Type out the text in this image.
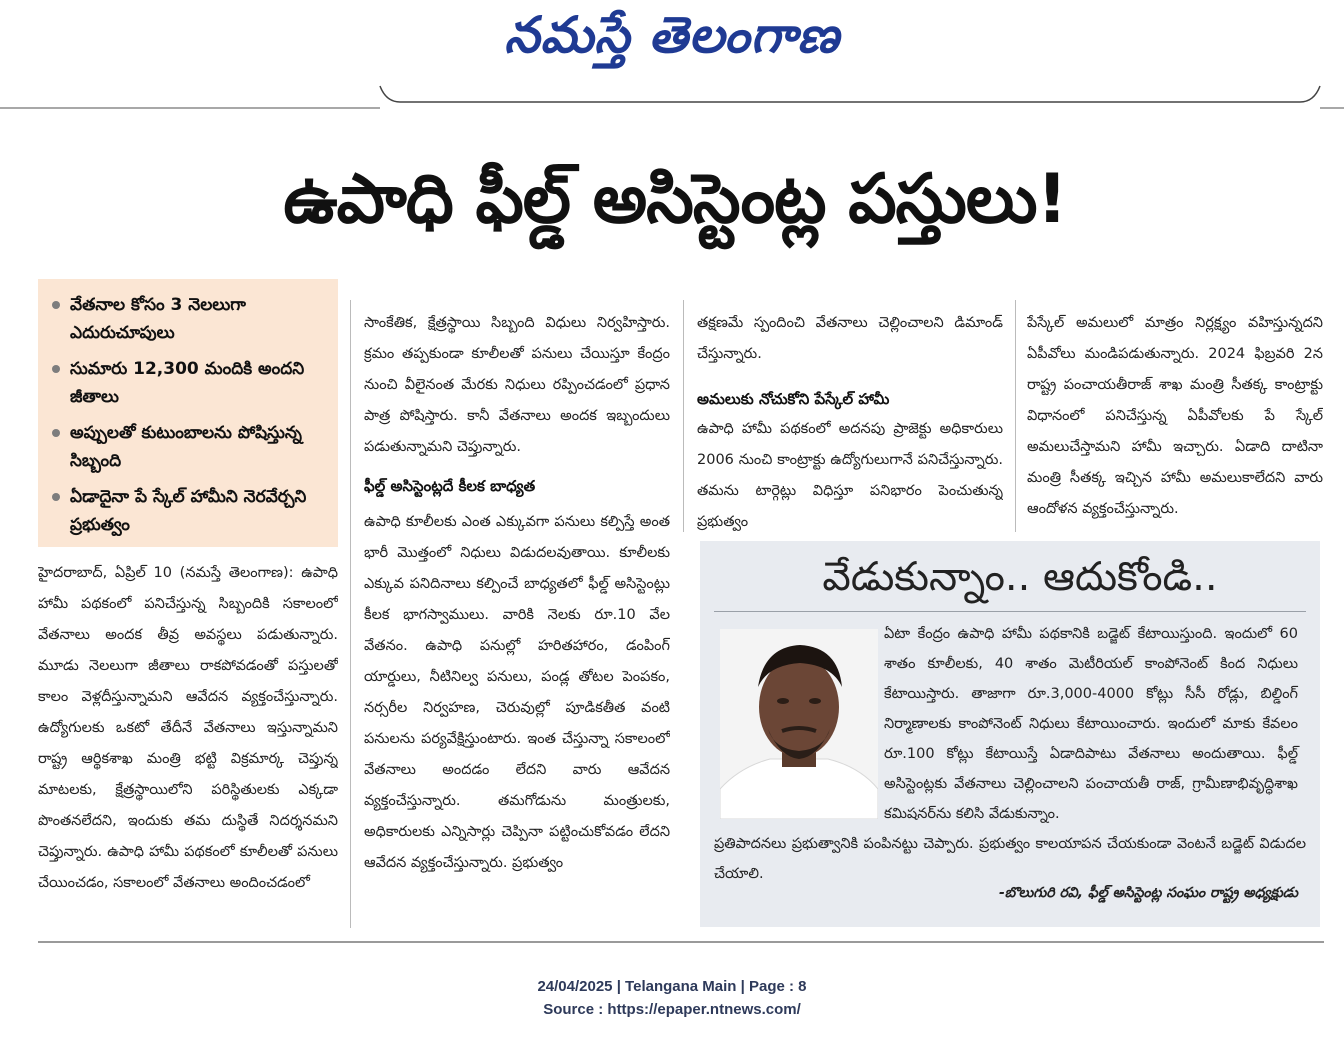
నమస్తే తెలంగాణ
ఉపాధి ఫీల్డ్ అసిస్టెంట్ల పస్తులు!
వేతనాల కోసం 3 నెలలుగా ఎదురుచూపులు
సుమారు 12,300 మందికి అందని జీతాలు
అప్పులతో కుటుంబాలను పోషిస్తున్న సిబ్బంది
ఏడాదైనా పే స్కేల్ హామీని నెరవేర్చని ప్రభుత్వం

హైదరాబాద్, ఏప్రిల్ 10 (నమస్తే తెలంగాణ): ఉపాధి హామీ పథకంలో పనిచేస్తున్న సిబ్బందికి సకాలంలో వేతనాలు అందక తీవ్ర అవస్థలు పడుతున్నారు. మూడు నెలలుగా జీతాలు రాకపోవడంతో పస్తులతో కాలం వెళ్లదీస్తున్నామని ఆవేదన వ్యక్తంచేస్తున్నారు. ఉద్యోగులకు ఒకటో తేదీనే వేతనాలు ఇస్తున్నామని రాష్ట్ర ఆర్థికశాఖ మంత్రి భట్టి విక్రమార్క చెప్తున్న మాటలకు, క్షేత్రస్థాయిలోని పరిస్థితులకు ఎక్కడా పొంతనలేదని, ఇందుకు తమ దుస్థితే నిదర్శనమని చెప్తున్నారు. ఉపాధి హామీ పథకంలో కూలీలతో పనులు చేయించడం, సకాలంలో వేతనాలు అందించడంలో

సాంకేతిక, క్షేత్రస్థాయి సిబ్బంది విధులు నిర్వహిస్తారు. క్రమం తప్పకుండా కూలీలతో పనులు చేయిస్తూ కేంద్రం నుంచి వీలైనంత మేరకు నిధులు రప్పించడంలో ప్రధాన పాత్ర పోషిస్తారు. కానీ వేతనాలు అందక ఇబ్బందులు పడుతున్నామని చెప్తున్నారు.

ఫీల్డ్ అసిస్టెంట్లదే కీలక బాధ్యత

ఉపాధి కూలీలకు ఎంత ఎక్కువగా పనులు కల్పిస్తే అంత భారీ మొత్తంలో నిధులు విడుదలవుతాయి. కూలీలకు ఎక్కువ పనిదినాలు కల్పించే బాధ్యతలో ఫీల్డ్ అసిస్టెంట్లు కీలక భాగస్వాములు. వారికి నెలకు రూ.10 వేల వేతనం. ఉపాధి పనుల్లో హరితహారం, డంపింగ్ యార్డులు, నీటినిల్వ పనులు, పండ్ల తోటల పెంపకం, నర్సరీల నిర్వహణ, చెరువుల్లో పూడికతీత వంటి పనులను పర్యవేక్షిస్తుంటారు. ఇంత చేస్తున్నా సకాలంలో వేతనాలు అందడం లేదని వారు ఆవేదన వ్యక్తంచేస్తున్నారు. తమగోడును మంత్రులకు, అధికారులకు ఎన్నిసార్లు చెప్పినా పట్టించుకోవడం లేదని ఆవేదన వ్యక్తంచేస్తున్నారు. ప్రభుత్వం

తక్షణమే స్పందించి వేతనాలు చెల్లించాలని డిమాండ్ చేస్తున్నారు.

అమలుకు నోచుకోని పేస్కేల్ హామీ

ఉపాధి హామీ పథకంలో అదనపు ప్రాజెక్టు అధికారులు 2006 నుంచి కాంట్రాక్టు ఉద్యోగులుగానే పనిచేస్తున్నారు. తమను టార్గెట్లు విధిస్తూ పనిభారం పెంచుతున్న ప్రభుత్వం

పేస్కేల్ అమలులో మాత్రం నిర్లక్ష్యం వహిస్తున్నదని ఏపీవోలు మండిపడుతున్నారు. 2024 ఫిబ్రవరి 2న రాష్ట్ర పంచాయతీరాజ్ శాఖ మంత్రి సీతక్క కాంట్రాక్టు విధానంలో పనిచేస్తున్న ఏపీవోలకు పే స్కేల్ అమలుచేస్తామని హామీ ఇచ్చారు. ఏడాది దాటినా మంత్రి సీతక్క ఇచ్చిన హామీ అమలుకాలేదని వారు ఆందోళన వ్యక్తంచేస్తున్నారు.

వేడుకున్నాం.. ఆదుకోండి..
ఏటా కేంద్రం ఉపాధి హామీ పథకానికి బడ్జెట్ కేటాయిస్తుంది. ఇందులో 60 శాతం కూలీలకు, 40 శాతం మెటీరియల్ కాంపోనెంట్ కింద నిధులు కేటాయిస్తారు. తాజాగా రూ.3,000-4000 కోట్లు సీసీ రోడ్లు, బిల్డింగ్ నిర్మాణాలకు కాంపోనెంట్ నిధులు కేటాయించారు. ఇందులో మాకు కేవలం రూ.100 కోట్లు కేటాయిస్తే ఏడాదిపాటు వేతనాలు అందుతాయి. ఫీల్డ్ అసిస్టెంట్లకు వేతనాలు చెల్లించాలని పంచాయతీ రాజ్, గ్రామీణాభివృద్ధిశాఖ కమిషనర్‌ను కలిసి వేడుకున్నాం.
ప్రతిపాదనలు ప్రభుత్వానికి పంపినట్టు చెప్పారు. ప్రభుత్వం కాలయాపన చేయకుండా వెంటనే బడ్జెట్ విడుదల చేయాలి.
-బొలుగురి రవి, ఫీల్డ్ అసిస్టెంట్ల సంఘం రాష్ట్ర అధ్యక్షుడు
24/04/2025 | Telangana Main | Page : 8
Source : https://epaper.ntnews.com/
